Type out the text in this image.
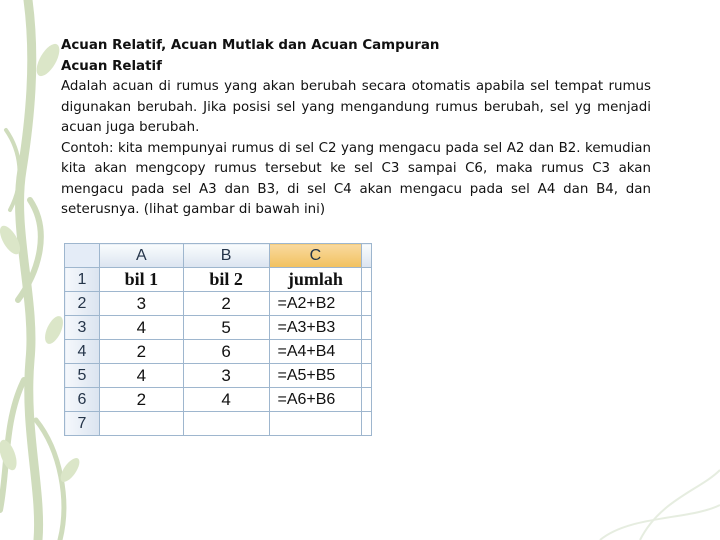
Acuan Relatif, Acuan Mutlak dan Acuan Campuran

Acuan Relatif

Adalah acuan di rumus yang akan berubah secara otomatis apabila sel tempat rumus digunakan berubah. Jika posisi sel yang mengandung rumus berubah, sel yg menjadi acuan juga berubah.

Contoh: kita mempunyai rumus di sel C2 yang mengacu pada sel A2 dan B2. kemudian kita akan mengcopy rumus tersebut ke sel C3 sampai C6, maka rumus C3 akan mengacu pada sel A3 dan B3, di sel C4 akan mengacu pada sel A4 dan B4, dan seterusnya. (lihat gambar di bawah ini)

	A	B	C	
1	bil 1	bil 2	jumlah	
2	3	2	=A2+B2	
3	4	5	=A3+B3	
4	2	6	=A4+B4	
5	4	3	=A5+B5	
6	2	4	=A6+B6	
7				
